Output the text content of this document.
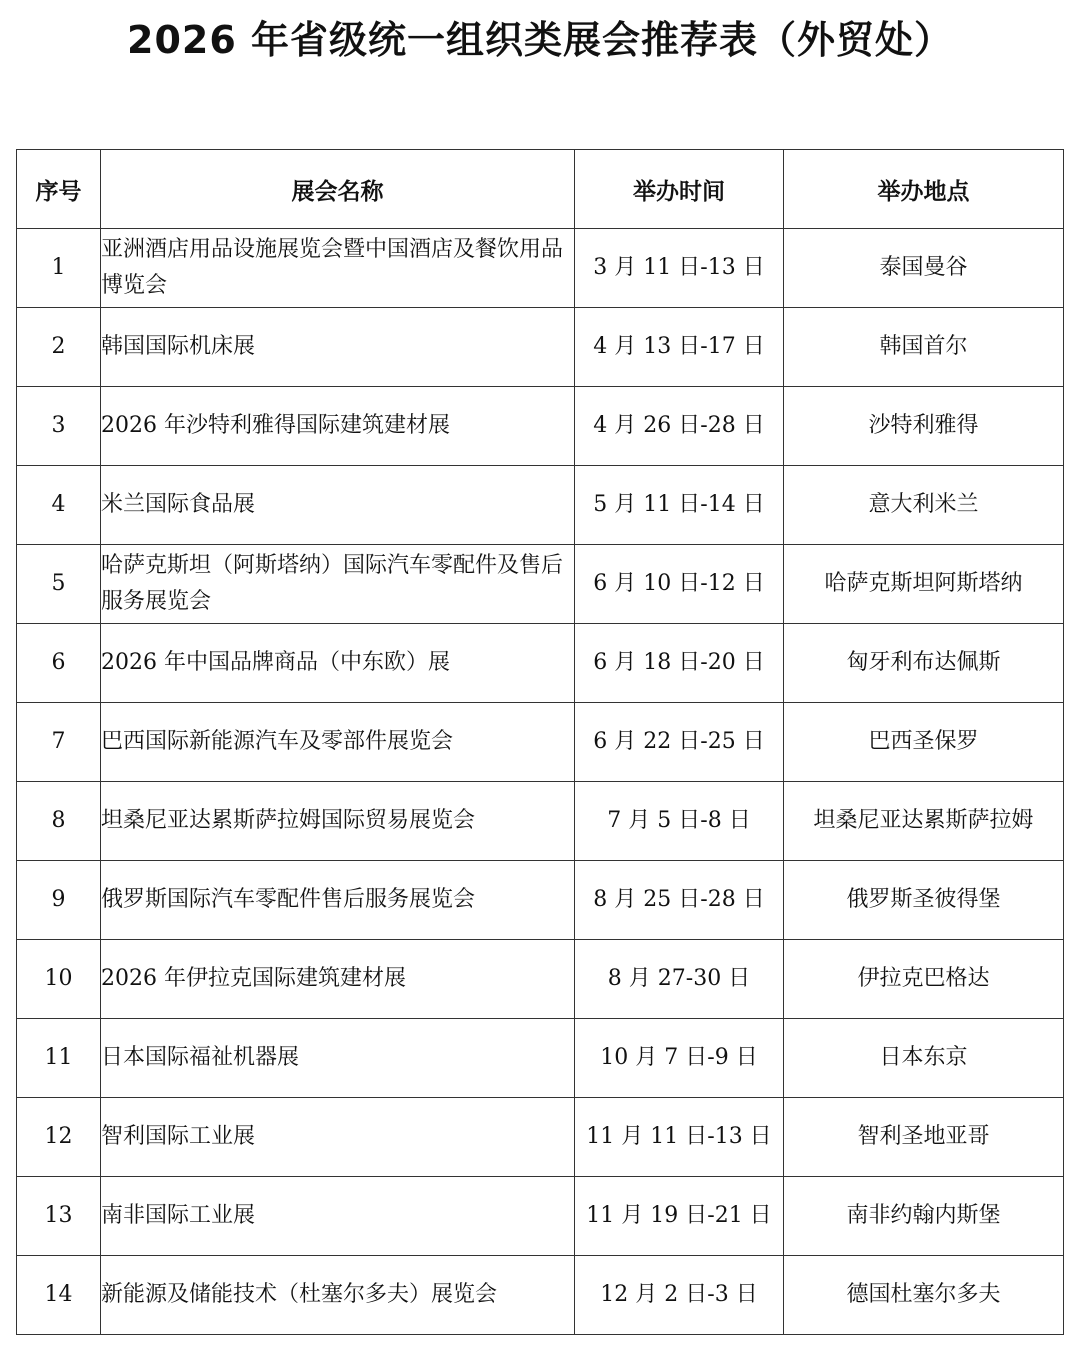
2026 年省级统一组织类展会推荐表（外贸处）
序号	展会名称	举办时间	举办地点
1	亚洲酒店用品设施展览会暨中国酒店及餐饮用品博览会	3 月 11 日-13 日	泰国曼谷
2	韩国国际机床展	4 月 13 日-17 日	韩国首尔
3	2026 年沙特利雅得国际建筑建材展	4 月 26 日-28 日	沙特利雅得
4	米兰国际食品展	5 月 11 日-14 日	意大利米兰
5	哈萨克斯坦（阿斯塔纳）国际汽车零配件及售后服务展览会	6 月 10 日-12 日	哈萨克斯坦阿斯塔纳
6	2026 年中国品牌商品（中东欧）展	6 月 18 日-20 日	匈牙利布达佩斯
7	巴西国际新能源汽车及零部件展览会	6 月 22 日-25 日	巴西圣保罗
8	坦桑尼亚达累斯萨拉姆国际贸易展览会	7 月 5 日-8 日	坦桑尼亚达累斯萨拉姆
9	俄罗斯国际汽车零配件售后服务展览会	8 月 25 日-28 日	俄罗斯圣彼得堡
10	2026 年伊拉克国际建筑建材展	8 月 27-30 日	伊拉克巴格达
11	日本国际福祉机器展	10 月 7 日-9 日	日本东京
12	智利国际工业展	11 月 11 日-13 日	智利圣地亚哥
13	南非国际工业展	11 月 19 日-21 日	南非约翰内斯堡
14	新能源及储能技术（杜塞尔多夫）展览会	12 月 2 日-3 日	德国杜塞尔多夫
